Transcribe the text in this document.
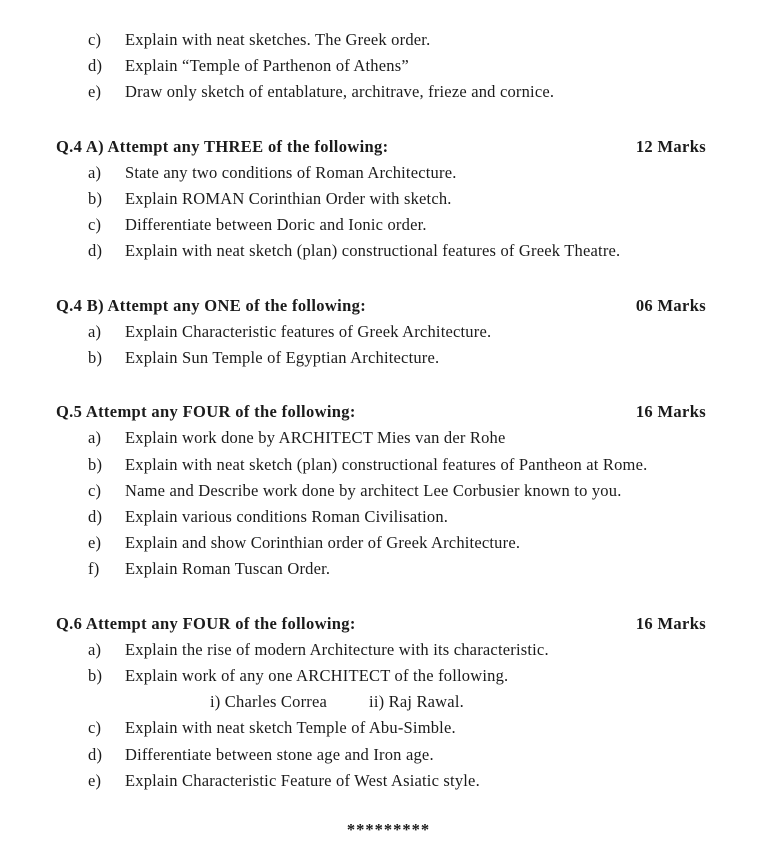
c)	Explain with neat sketches. The Greek order.
d)	Explain “Temple of Parthenon of Athens”
e)	Draw only sketch of entablature, architrave, frieze and cornice.
Q.4 A) Attempt any THREE of the following:	12 Marks
a)	State any two conditions of Roman Architecture.
b)	Explain ROMAN Corinthian Order with sketch.
c)	Differentiate between Doric and Ionic order.
d)	Explain with neat sketch (plan) constructional features of Greek Theatre.
Q.4 B) Attempt any ONE of the following:	06 Marks
a)	Explain Characteristic features of Greek Architecture.
b)	Explain Sun Temple of Egyptian Architecture.
Q.5 Attempt any FOUR of the following:	16 Marks
a)	Explain work done by ARCHITECT Mies van der Rohe
b)	Explain with neat sketch (plan) constructional features of Pantheon at Rome.
c)	Name and Describe work done by architect Lee Corbusier known to you.
d)	Explain various conditions Roman Civilisation.
e)	Explain and show Corinthian order of Greek Architecture.
f)	Explain Roman Tuscan Order.
Q.6 Attempt any FOUR of the following:	16 Marks
a)	Explain the rise of modern Architecture with its characteristic.
b)	Explain work of any one ARCHITECT of the following.
i) Charles Correa	ii) Raj Rawal.
c)	Explain with neat sketch Temple of Abu-Simble.
d)	Differentiate between stone age and Iron age.
e)	Explain Characteristic Feature of West Asiatic style.
*********
